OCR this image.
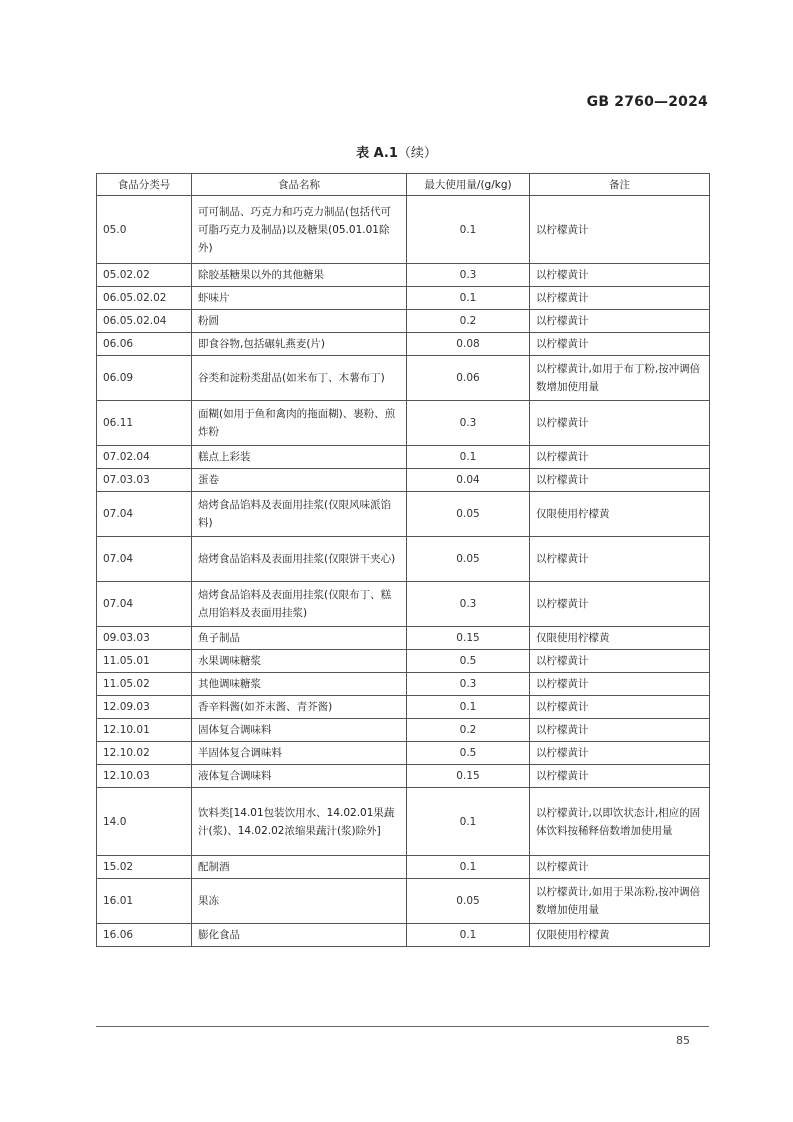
GB 2760—2024
表 A.1（续）
食品分类号	食品名称	最大使用量/(g/kg)	备注
05.0	可可制品、巧克力和巧克力制品(包括代可可脂巧克力及制品)以及糖果(05.01.01除外)	0.1	以柠檬黄计
05.02.02	除胶基糖果以外的其他糖果	0.3	以柠檬黄计
06.05.02.02	虾味片	0.1	以柠檬黄计
06.05.02.04	粉圆	0.2	以柠檬黄计
06.06	即食谷物,包括碾轧燕麦(片)	0.08	以柠檬黄计
06.09	谷类和淀粉类甜品(如米布丁、木薯布丁)	0.06	以柠檬黄计,如用于布丁粉,按冲调倍数增加使用量
06.11	面糊(如用于鱼和禽肉的拖面糊)、裹粉、煎炸粉	0.3	以柠檬黄计
07.02.04	糕点上彩装	0.1	以柠檬黄计
07.03.03	蛋卷	0.04	以柠檬黄计
07.04	焙烤食品馅料及表面用挂浆(仅限风味派馅料)	0.05	仅限使用柠檬黄
07.04	焙烤食品馅料及表面用挂浆(仅限饼干夹心)	0.05	以柠檬黄计
07.04	焙烤食品馅料及表面用挂浆(仅限布丁、糕点用馅料及表面用挂浆)	0.3	以柠檬黄计
09.03.03	鱼子制品	0.15	仅限使用柠檬黄
11.05.01	水果调味糖浆	0.5	以柠檬黄计
11.05.02	其他调味糖浆	0.3	以柠檬黄计
12.09.03	香辛料酱(如芥末酱、青芥酱)	0.1	以柠檬黄计
12.10.01	固体复合调味料	0.2	以柠檬黄计
12.10.02	半固体复合调味料	0.5	以柠檬黄计
12.10.03	液体复合调味料	0.15	以柠檬黄计
14.0	饮料类[14.01包装饮用水、14.02.01果蔬汁(浆)、14.02.02浓缩果蔬汁(浆)除外]	0.1	以柠檬黄计,以即饮状态计,相应的固体饮料按稀释倍数增加使用量
15.02	配制酒	0.1	以柠檬黄计
16.01	果冻	0.05	以柠檬黄计,如用于果冻粉,按冲调倍数增加使用量
16.06	膨化食品	0.1	仅限使用柠檬黄
85
